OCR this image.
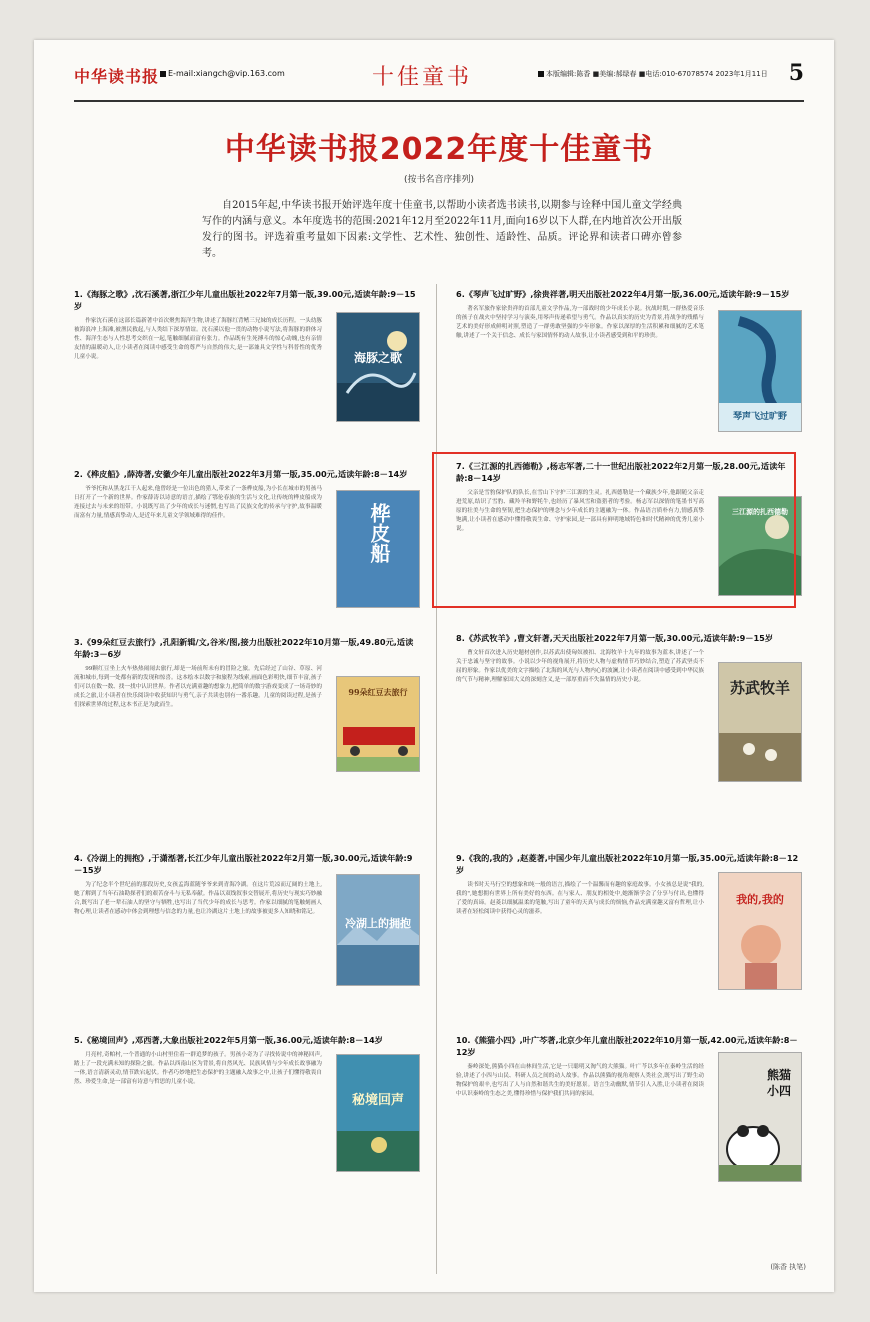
中华读书报	E-mail:xiangch@vip.163.com	十佳童书	本版编辑:陈香 ■美编:郝绿春 ■电话:010-67078574 2023年1月11日 5
中华读书报2022年度十佳童书
(按书名音序排列)
自2015年起,中华读书报开始评选年度十佳童书,以帮助小读者选书读书,以期参与诠释中国儿童文学经典写作的内涵与意义。本年度选书的范围:2021年12月至2022年11月,面向16岁以下人群,在内地首次公开出版发行的图书。评选着重考量如下因素:文学性、艺术性、独创性、适龄性、品质。评论界和读者口碑亦曾参考。
1.《海豚之歌》,沈石溪著,浙江少年儿童出版社2022年7月第一版,39.00元,适读年龄:9－15岁
作家沈石溪在这部长篇新著中首次聚焦海洋生物,讲述了海豚红背鳍三兄妹的成长历程。一头幼豚被海浪冲上海滩,被渔民救起,与人类结下深厚情谊。沈石溪以他一贯的动物小说写法,将海豚的群体习性、海洋生态与人性思考交织在一起,笔触细腻而富有张力。作品既有生死搏斗的惊心动魄,也有亲情友情的温暖动人,让小读者在阅读中感受生命的尊严与自然的伟大,是一部兼具文学性与科普性的优秀儿童小说。	海豚之歌
2.《桦皮船》,薛涛著,安徽少年儿童出版社2022年3月第一版,35.00元,适读年龄:8－14岁
爷爷托和从黑龙江干人起来,他曾经是一位出色的猎人,带来了一条桦皮船,为小长在城市的男孩马日打开了一个新的世界。作家薛涛以诗意的语言,描绘了鄂伦春族的生活与文化,让传统的桦皮船成为连接过去与未来的纽带。小说既写出了少年的成长与迷惘,也写出了民族文化的传承与守护,故事温暖而富有力量,情感真挚动人,是近年来儿童文学领域难得的佳作。	桦皮船
3.《99朵红豆去旅行》,孔阳新辑/文,谷米/图,接力出版社2022年10月第一版,49.80元,适读年龄:3－6岁
99颗红豆坐上火车热热闹闹去旅行,却是一场前所未有的冒险之旅。先后经过了山谷、草原、河流和城市,每到一处都有新的发现和惊喜。这本绘本以数字和旅程为线索,画面色彩明快,细节丰富,孩子们可以在数一数、找一找中认识世界。作者以充满童趣的想象力,把简单的数字游戏变成了一场奇妙的成长之旅,让小读者在快乐阅读中收获知识与勇气,亲子共读也别有一番乐趣。儿童的阅读过程,是孩子们探索世界的过程,这本书正是为此而生。
99朵红豆去旅行
4.《冷湖上的拥抱》,于潇湉著,长江少年儿童出版社2022年2月第一版,30.00元,适读年龄:9－15岁
为了纪念半个世纪前的那段历史,女孩孟海蓝随爷爷来到青海冷湖。在这片荒凉而辽阔的土地上,她了解到了当年石油勘探者们的艰苦奋斗与无私奉献。作品以双线叙事交替展开,将历史与现实巧妙融合,既写出了老一辈石油人的坚守与牺牲,也写出了当代少年的成长与思考。作家以细腻的笔触刻画人物心理,让读者在感动中体会到理想与信念的力量,也让冷湖这片土地上的故事被更多人知晓和铭记。
冷湖上的拥抱
5.《秘境回声》,邓西著,大象出版社2022年5月第一版,36.00元,适读年龄:8－14岁
月亮村,奇帕村,一个普通的小山村里住着一群追梦的孩子。男孩小奇为了寻找传说中的神秘回声,踏上了一段充满未知的探险之旅。作品以西南山区为背景,将自然风光、民族风情与少年成长故事融为一体,语言清新灵动,情节跌宕起伏。作者巧妙地把生态保护的主题融入故事之中,让孩子们懂得敬畏自然、珍爱生命,是一部富有诗意与哲思的儿童小说。
秘境回声
6.《琴声飞过旷野》,徐贵祥著,明天出版社2022年4月第一版,36.00元,适读年龄:9－15岁
著名军旅作家徐贵祥的首部儿童文学作品,为一部战时的少年成长小说。抗战时期,一群热爱音乐的孩子在战火中坚持学习与演奏,用琴声传递希望与勇气。作品以真实的历史为背景,将战争的残酷与艺术的美好形成鲜明对照,塑造了一群勇敢坚强的少年形象。作家以深厚的生活积累和细腻的艺术笔触,讲述了一个关于信念、成长与家国情怀的动人故事,让小读者感受到和平的珍贵。
琴声飞过旷野
7.《三江源的扎西德勒》,杨志军著,二十一世纪出版社2022年2月第一版,28.00元,适读年龄:8－14岁
父亲是雪豹保护队的队长,在雪山下守护三江源的生灵。扎西德勒是一个藏族少年,他跟随父亲走进荒原,结识了雪豹、藏羚羊和野牦牛,也经历了暴风雪和盗猎者的考验。杨志军以深情的笔墨书写高原的壮美与生命的坚韧,把生态保护的理念与少年成长的主题融为一体。作品语言质朴有力,情感真挚饱满,让小读者在感动中懂得敬畏生命、守护家园,是一部具有鲜明地域特色和时代精神的优秀儿童小说。
三江源的扎西德勒
8.《苏武牧羊》,曹文轩著,天天出版社2022年7月第一版,30.00元,适读年龄:9－15岁
曹文轩首次进入历史题材创作,以苏武出使匈奴被扣、北海牧羊十九年的故事为蓝本,讲述了一个关于忠诚与坚守的故事。小说以少年的视角展开,将历史人物与虚构情节巧妙结合,塑造了苏武坚贞不屈的形象。作家以优美的文字描绘了北海的风光与人物内心的波澜,让小读者在阅读中感受到中华民族的气节与精神,理解家国大义的深刻含义,是一部厚重而不失温情的历史小说。	苏武牧羊
9.《我的,我的》,赵菱著,中国少年儿童出版社2022年10月第一版,35.00元,适读年龄:8－12岁
读书时天马行空的想象和纯一般的语言,描绘了一个温馨而有趣的家庭故事。小女孩总是说"我的,我的",她想拥有世界上所有美好的东西。在与家人、朋友的相处中,她渐渐学会了分享与付出,也懂得了爱的真谛。赵菱以细腻温柔的笔触,写出了童年的天真与成长的烦恼,作品充满童趣又富有哲理,让小读者在轻松阅读中获得心灵的滋养。
我的,我的
10.《熊猫小四》,叶广芩著,北京少年儿童出版社2022年10月第一版,42.00元,适读年龄:8－12岁
秦岭深处,熊猫小四在山林间生活,它是一只聪明又淘气的大熊猫。叶广芩以多年在秦岭生活的经验,讲述了小四与山民、科研人员之间的动人故事。作品以熊猫的视角观察人类社会,既写出了野生动物保护的艰辛,也写出了人与自然和谐共生的美好愿景。语言生动幽默,情节引人入胜,让小读者在阅读中认识秦岭的生态之美,懂得珍惜与保护我们共同的家园。
熊猫小四
(陈香 执笔)
